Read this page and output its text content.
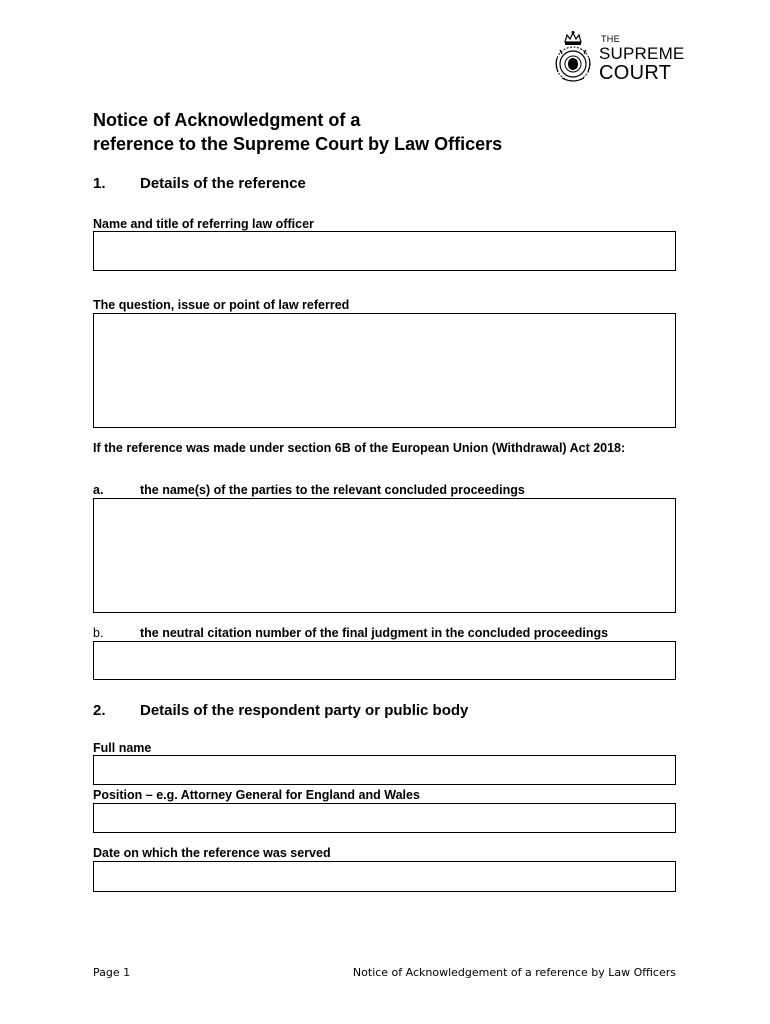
THE
SUPREME
COURT
Notice of Acknowledgment of a
reference to the Supreme Court by Law Officers
1. Details of the reference
Name and title of referring law officer
The question, issue or point of law referred
If the reference was made under section 6B of the European Union (Withdrawal) Act 2018:
a.	the name(s) of the parties to the relevant concluded proceedings
b.	the neutral citation number of the final judgment in the concluded proceedings
2. Details of the respondent party or public body
Full name
Position – e.g. Attorney General for England and Wales
Date on which the reference was served
Page 1	Notice of Acknowledgement of a reference by Law Officers
